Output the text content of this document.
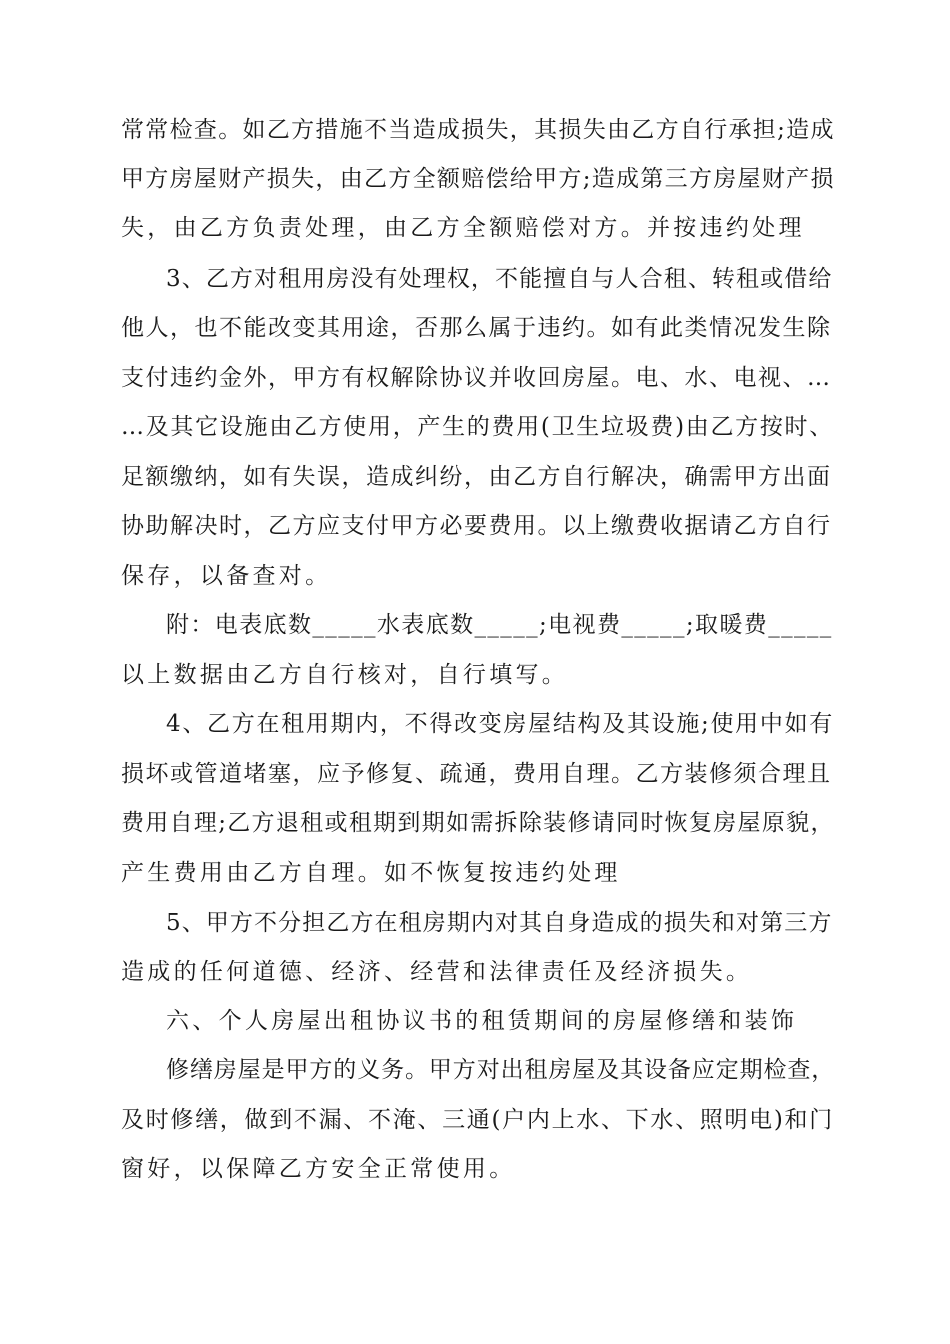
常常检查。如乙方措施不当造成损失，其损失由乙方自行承担;造成
甲方房屋财产损失，由乙方全额赔偿给甲方;造成第三方房屋财产损
失，由乙方负责处理，由乙方全额赔偿对方。并按违约处理
3、乙方对租用房没有处理权，不能擅自与人合租、转租或借给
他人，也不能改变其用途，否那么属于违约。如有此类情况发生除
支付违约金外，甲方有权解除协议并收回房屋。电、水、电视、…
…及其它设施由乙方使用，产生的费用(卫生垃圾费)由乙方按时、
足额缴纳，如有失误，造成纠纷，由乙方自行解决，确需甲方出面
协助解决时，乙方应支付甲方必要费用。以上缴费收据请乙方自行
保存，以备查对。
附：电表底数_____水表底数_____;电视费_____;取暖费_____
以上数据由乙方自行核对，自行填写。
4、乙方在租用期内，不得改变房屋结构及其设施;使用中如有
损坏或管道堵塞，应予修复、疏通，费用自理。乙方装修须合理且
费用自理;乙方退租或租期到期如需拆除装修请同时恢复房屋原貌，
产生费用由乙方自理。如不恢复按违约处理
5、甲方不分担乙方在租房期内对其自身造成的损失和对第三方
造成的任何道德、经济、经营和法律责任及经济损失。
六、个人房屋出租协议书的租赁期间的房屋修缮和装饰
修缮房屋是甲方的义务。甲方对出租房屋及其设备应定期检查，
及时修缮，做到不漏、不淹、三通(户内上水、下水、照明电)和门
窗好，以保障乙方安全正常使用。
